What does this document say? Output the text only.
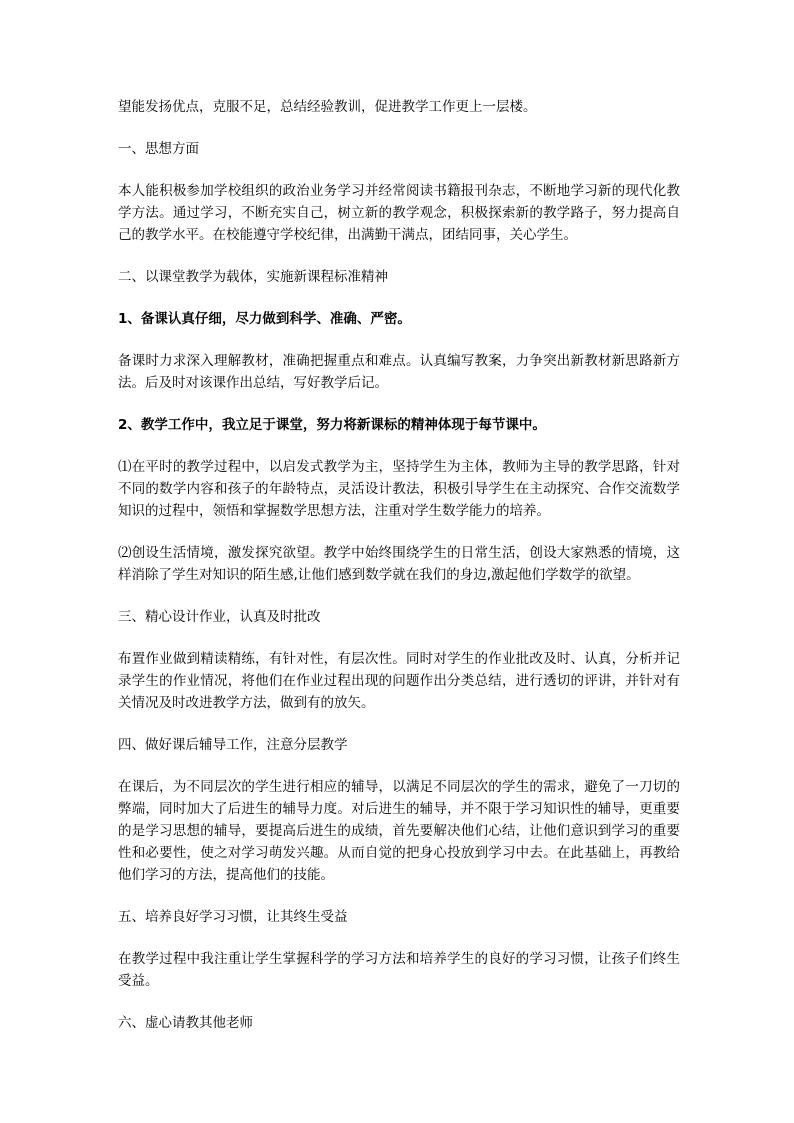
望能发扬优点，克服不足，总结经验教训，促进教学工作更上一层楼。

一、思想方面

本人能积极参加学校组织的政治业务学习并经常阅读书籍报刊杂志，不断地学习新的现代化教学方法。通过学习，不断充实自己，树立新的教学观念，积极探索新的教学路子，努力提高自己的教学水平。在校能遵守学校纪律，出满勤干满点，团结同事，关心学生。

二、以课堂教学为载体，实施新课程标准精神

1、备课认真仔细，尽力做到科学、准确、严密。

备课时力求深入理解教材，准确把握重点和难点。认真编写教案，力争突出新教材新思路新方法。后及时对该课作出总结，写好教学后记。

2、教学工作中，我立足于课堂，努力将新课标的精神体现于每节课中。

⑴在平时的教学过程中，以启发式教学为主，坚持学生为主体，教师为主导的教学思路，针对不同的数学内容和孩子的年龄特点，灵活设计教法，积极引导学生在主动探究、合作交流数学知识的过程中，领悟和掌握数学思想方法，注重对学生数学能力的培养。

⑵创设生活情境，激发探究欲望。教学中始终围绕学生的日常生活，创设大家熟悉的情境，这样消除了学生对知识的陌生感,让他们感到数学就在我们的身边,激起他们学数学的欲望。

三、精心设计作业，认真及时批改

布置作业做到精读精练，有针对性，有层次性。同时对学生的作业批改及时、认真，分析并记录学生的作业情况，将他们在作业过程出现的问题作出分类总结，进行透切的评讲，并针对有关情况及时改进教学方法，做到有的放矢。

四、做好课后辅导工作，注意分层教学

在课后，为不同层次的学生进行相应的辅导，以满足不同层次的学生的需求，避免了一刀切的弊端，同时加大了后进生的辅导力度。对后进生的辅导，并不限于学习知识性的辅导，更重要的是学习思想的辅导，要提高后进生的成绩，首先要解决他们心结，让他们意识到学习的重要性和必要性，使之对学习萌发兴趣。从而自觉的把身心投放到学习中去。在此基础上，再教给他们学习的方法，提高他们的技能。

五、培养良好学习习惯，让其终生受益

在教学过程中我注重让学生掌握科学的学习方法和培养学生的良好的学习习惯，让孩子们终生受益。

六、虚心请教其他老师
